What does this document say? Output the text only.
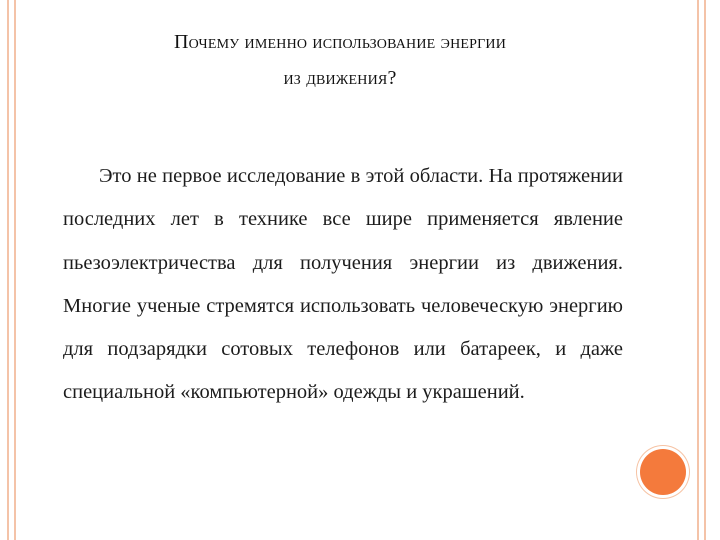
Почему именно использование энергии
из движения?

Это не первое исследование в этой области. На протяжении последних лет в технике все шире применяется явление пьезоэлектричества для получения энергии из движения. Многие ученые стремятся использовать человеческую энергию для подзарядки сотовых телефонов или батареек, и даже специальной «компьютерной» одежды и украшений.
